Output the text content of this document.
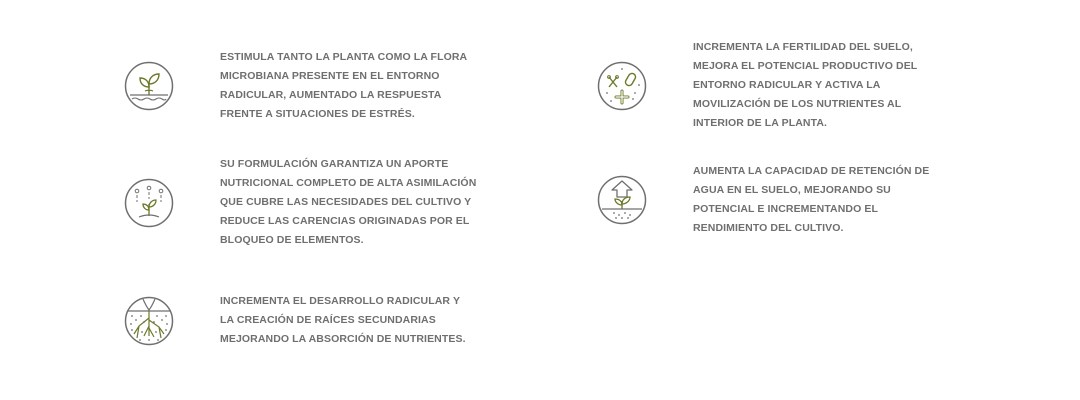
ESTIMULA TANTO LA PLANTA COMO LA FLORA
MICROBIANA PRESENTE EN EL ENTORNO
RADICULAR, AUMENTADO LA RESPUESTA
FRENTE A SITUACIONES DE ESTRÉS.
SU FORMULACIÓN GARANTIZA UN APORTE
NUTRICIONAL COMPLETO DE ALTA ASIMILACIÓN
QUE CUBRE LAS NECESIDADES DEL CULTIVO Y
REDUCE LAS CARENCIAS ORIGINADAS POR EL
BLOQUEO DE ELEMENTOS.
INCREMENTA EL DESARROLLO RADICULAR Y
LA CREACIÓN DE RAÍCES SECUNDARIAS
MEJORANDO LA ABSORCIÓN DE NUTRIENTES.
INCREMENTA LA FERTILIDAD DEL SUELO,
MEJORA EL POTENCIAL PRODUCTIVO DEL
ENTORNO RADICULAR Y ACTIVA LA
MOVILIZACIÓN DE LOS NUTRIENTES AL
INTERIOR DE LA PLANTA.
AUMENTA LA CAPACIDAD DE RETENCIÓN DE
AGUA EN EL SUELO, MEJORANDO SU
POTENCIAL E INCREMENTANDO EL
RENDIMIENTO DEL CULTIVO.
